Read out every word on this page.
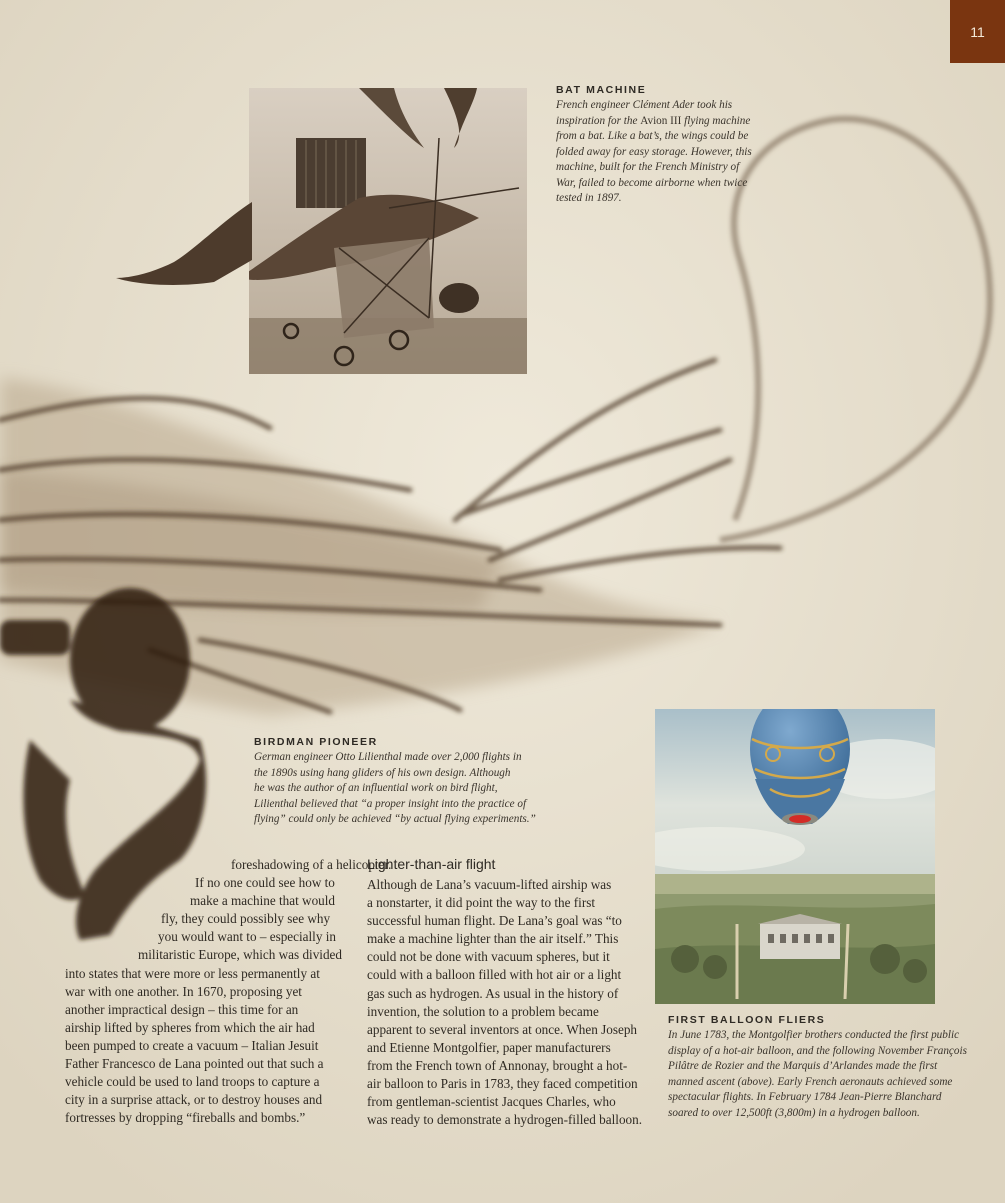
11
BAT MACHINE

French engineer Clément Ader took his inspiration for the Avion III flying machine from a bat. Like a bat’s, the wings could be folded away for easy storage. However, this machine, built for the French Ministry of War, failed to become airborne when twice tested in 1897.

BIRDMAN PIONEER

German engineer Otto Lilienthal made over 2,000 flights in
the 1890s using hang gliders of his own design. Although
he was the author of an influential work on bird flight,
Lilienthal believed that “a proper insight into the practice of
flying” could only be achieved “by actual flying experiments.”

FIRST BALLOON FLIERS

In June 1783, the Montgolfier brothers conducted the first public
display of a hot-air balloon, and the following November François
Pilâtre de Rozier and the Marquis d’Arlandes made the first
manned ascent (above). Early French aeronauts achieved some
spectacular flights. In February 1784 Jean-Pierre Blanchard
soared to over 12,500ft (3,800m) in a hydrogen balloon.

foreshadowing of a helicopter.
If no one could see how to
make a machine that would
fly, they could possibly see why
you would want to – especially in
militaristic Europe, which was divided
into states that were more or less permanently at
war with one another. In 1670, proposing yet
another impractical design – this time for an
airship lifted by spheres from which the air had
been pumped to create a vacuum – Italian Jesuit
Father Francesco de Lana pointed out that such a
vehicle could be used to land troops to capture a
city in a surprise attack, or to destroy houses and
fortresses by dropping “fireballs and bombs.”
Lighter-than-air flight
Although de Lana’s vacuum-lifted airship was
a nonstarter, it did point the way to the first
successful human flight. De Lana’s goal was “to
make a machine lighter than the air itself.” This
could not be done with vacuum spheres, but it
could with a balloon filled with hot air or a light
gas such as hydrogen. As usual in the history of
invention, the solution to a problem became
apparent to several inventors at once. When Joseph
and Etienne Montgolfier, paper manufacturers
from the French town of Annonay, brought a hot-
air balloon to Paris in 1783, they faced competition
from gentleman-scientist Jacques Charles, who
was ready to demonstrate a hydrogen-filled balloon.
